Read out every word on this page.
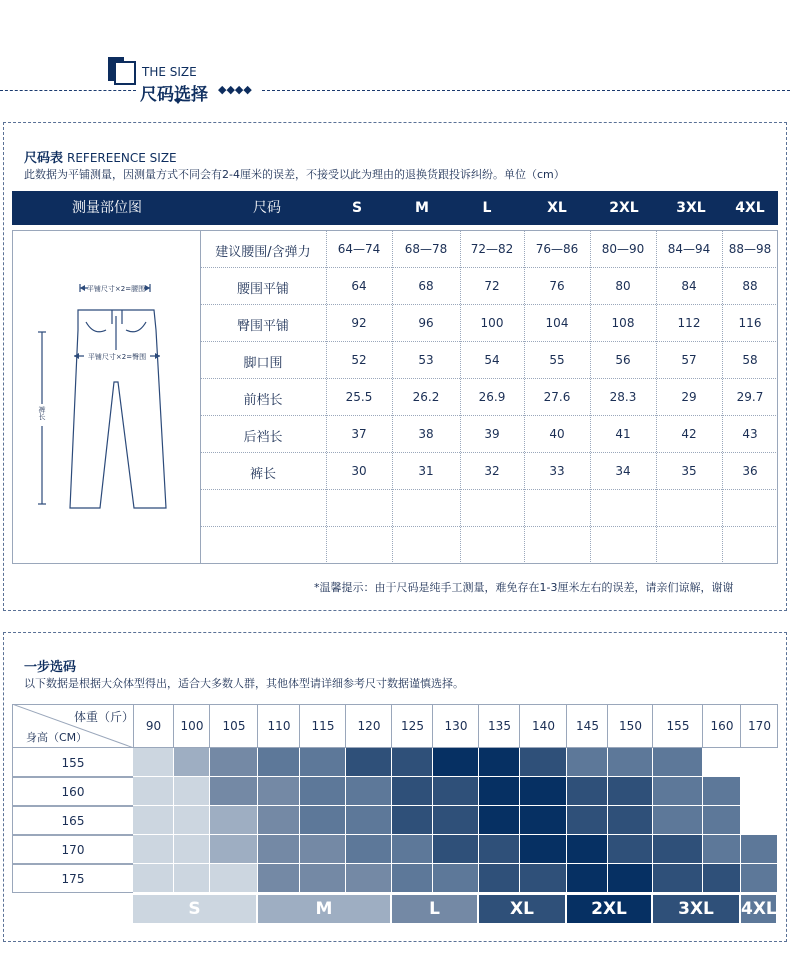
THE SIZE
尺码选择 ◆◆◆◆
尺码表 REFEREENCE SIZE
此数据为平铺测量，因测量方式不同会有2-4厘米的误差，不接受以此为理由的退换货跟投诉纠纷。单位（cm）
测量部位图	尺码	S	M	L	XL	2XL	3XL	4XL
建议腰围/含弹力	64—74	68—78	72—82	76—86	80—90	84—94	88—98
腰围平铺	64	68	72	76	80	84	88
臀围平铺	92	96	100	104	108	112	116
脚口围	52	53	54	55	56	57	58
前档长	25.5	26.2	26.9	27.6	28.3	29	29.7
后裆长	37	38	39	40	41	42	43
裤长	30	31	32	33	34	35	36
平铺尺寸×2=腰围
平铺尺寸×2=臀围
裤长
*温馨提示：由于尺码是纯手工测量，难免存在1-3厘米左右的误差，请亲们谅解，谢谢
一步选码
以下数据是根据大众体型得出，适合大多数人群，其他体型请详细参考尺寸数据谨慎选择。
体重（斤）
身高（CM）
90	100	105	110	115	120	125	130	135	140	145	150	155	160	170
155
160
165
170
175
S	M	L	XL	2XL	3XL	4XL
